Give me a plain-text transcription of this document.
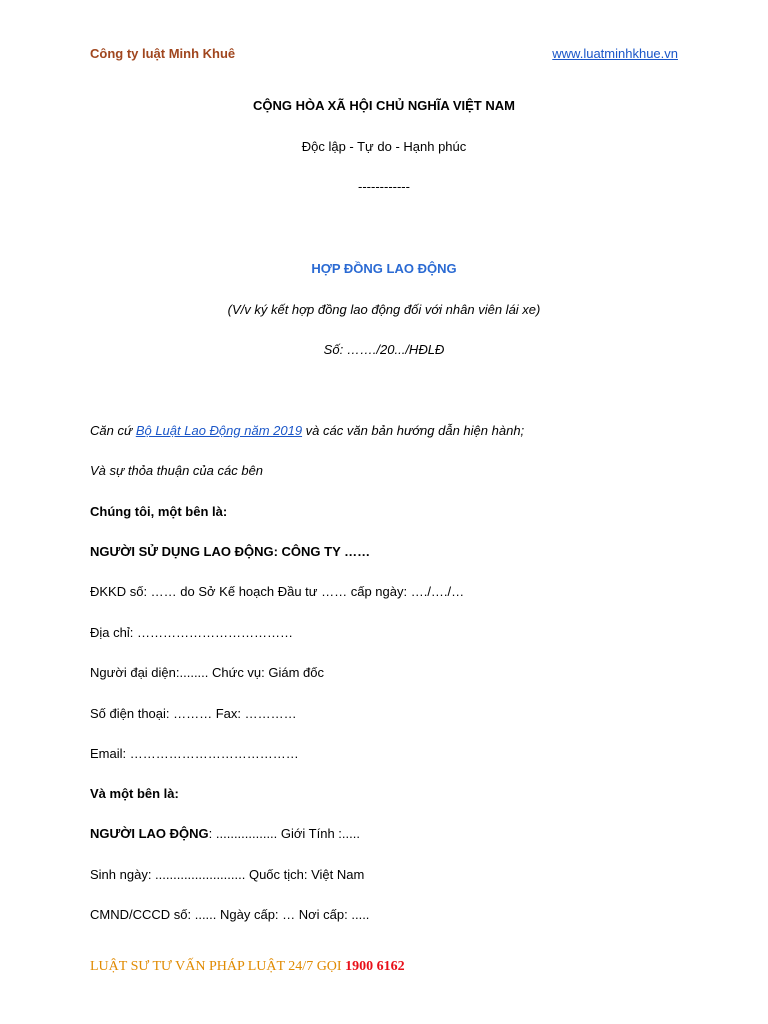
Công ty luật Minh Khuê	www.luatminhkhue.vn
CỘNG HÒA XÃ HỘI CHỦ NGHĨA VIỆT NAM
Độc lập - Tự do - Hạnh phúc
------------
HỢP ĐỒNG LAO ĐỘNG
(V/v ký kết hợp đồng lao động đối với nhân viên lái xe)
Số: ……./20.../HĐLĐ
Căn cứ Bộ Luật Lao Động năm 2019 và các văn bản hướng dẫn hiện hành;
Và sự thỏa thuận của các bên
Chúng tôi, một bên là:
NGƯỜI SỬ DỤNG LAO ĐỘNG: CÔNG TY ……
ĐKKD số: …… do Sở Kế hoạch Đầu tư …… cấp ngày: …./…./…
Địa chỉ: ………………………………
Người đại diện:........ Chức vụ: Giám đốc
Số điện thoại: ……… Fax: …………
Email: …………………………………
Và một bên là:
NGƯỜI LAO ĐỘNG: ................. Giới Tính :.....
Sinh ngày: ......................... Quốc tịch: Việt Nam
CMND/CCCD số: ...... Ngày cấp: … Nơi cấp: .....
LUẬT SƯ TƯ VẤN PHÁP LUẬT 24/7 GỌI 1900 6162
